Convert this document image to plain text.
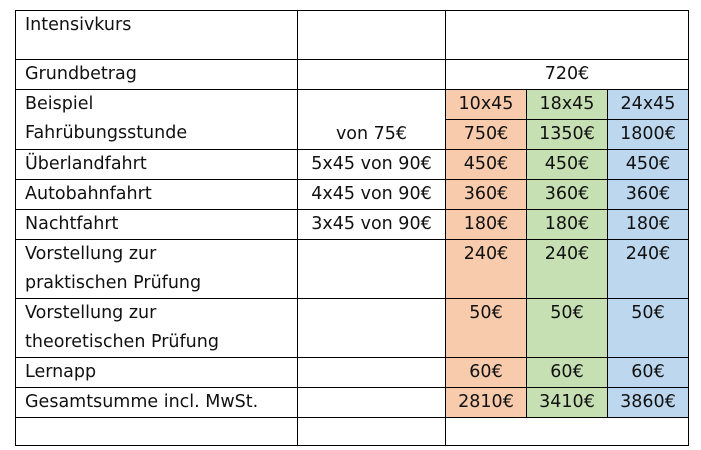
Intensivkurs				
Grundbetrag		720€		

Beispiel
Fahrübungsstunde	von 75€	10x45	18x45	24x45
		750€	1350€	1800€
Überlandfahrt	5x45 von 90€	450€	450€	450€
Autobahnfahrt	4x45 von 90€	360€	360€	360€
Nachtfahrt	3x45 von 90€	180€	180€	180€

Vorstellung zur
praktischen Prüfung		240€	240€	240€

Vorstellung zur
theoretischen Prüfung		50€	50€	50€
Lernapp		60€	60€	60€
Gesamtsumme incl. MwSt.		2810€	3410€	3860€
